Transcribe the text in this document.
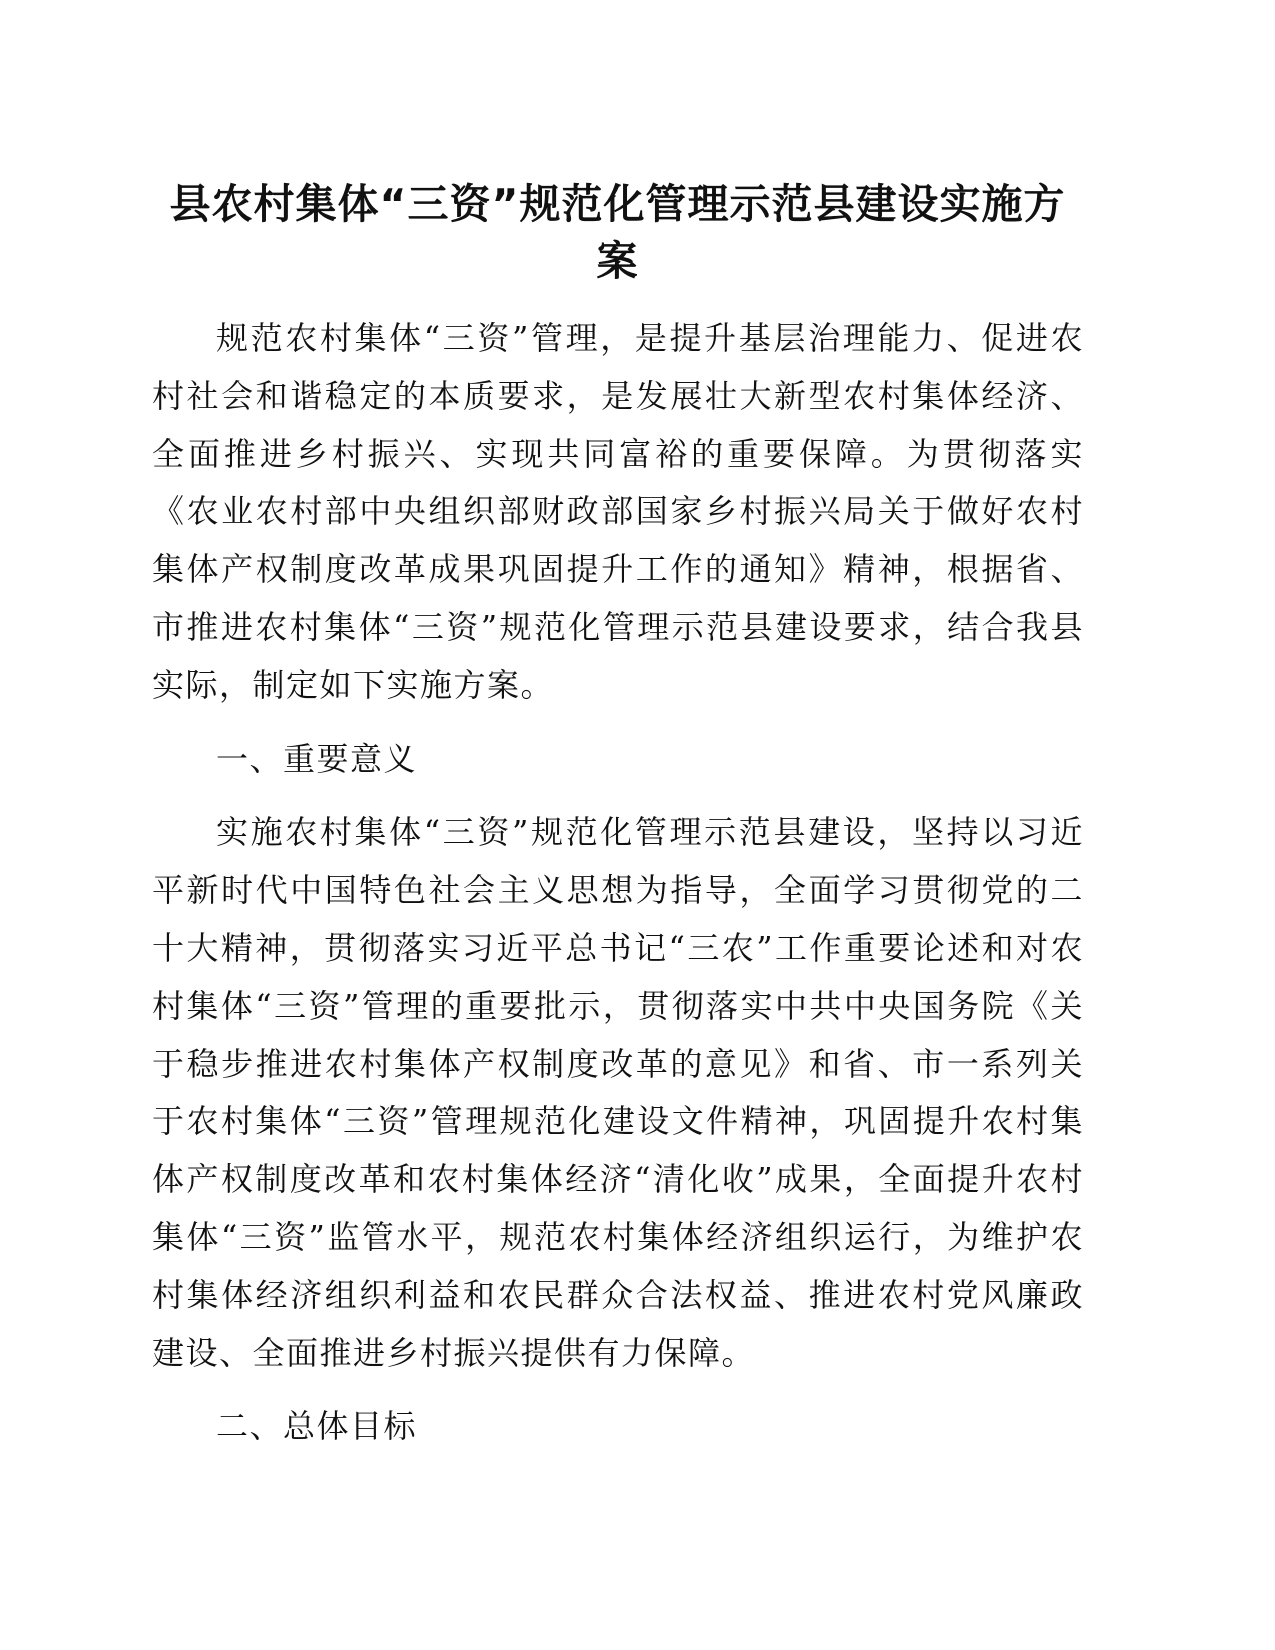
县农村集体“三资”规范化管理示范县建设实施方案

规范农村集体“三资”管理，是提升基层治理能力、促进农村社会和谐稳定的本质要求，是发展壮大新型农村集体经济、全面推进乡村振兴、实现共同富裕的重要保障。为贯彻落实《农业农村部中央组织部财政部国家乡村振兴局关于做好农村集体产权制度改革成果巩固提升工作的通知》精神，根据省、市推进农村集体“三资”规范化管理示范县建设要求，结合我县实际，制定如下实施方案。

一、重要意义

实施农村集体“三资”规范化管理示范县建设，坚持以习近平新时代中国特色社会主义思想为指导，全面学习贯彻党的二十大精神，贯彻落实习近平总书记“三农”工作重要论述和对农村集体“三资”管理的重要批示，贯彻落实中共中央国务院《关于稳步推进农村集体产权制度改革的意见》和省、市一系列关于农村集体“三资”管理规范化建设文件精神，巩固提升农村集体产权制度改革和农村集体经济“清化收”成果，全面提升农村集体“三资”监管水平，规范农村集体经济组织运行，为维护农村集体经济组织利益和农民群众合法权益、推进农村党风廉政建设、全面推进乡村振兴提供有力保障。

二、总体目标
